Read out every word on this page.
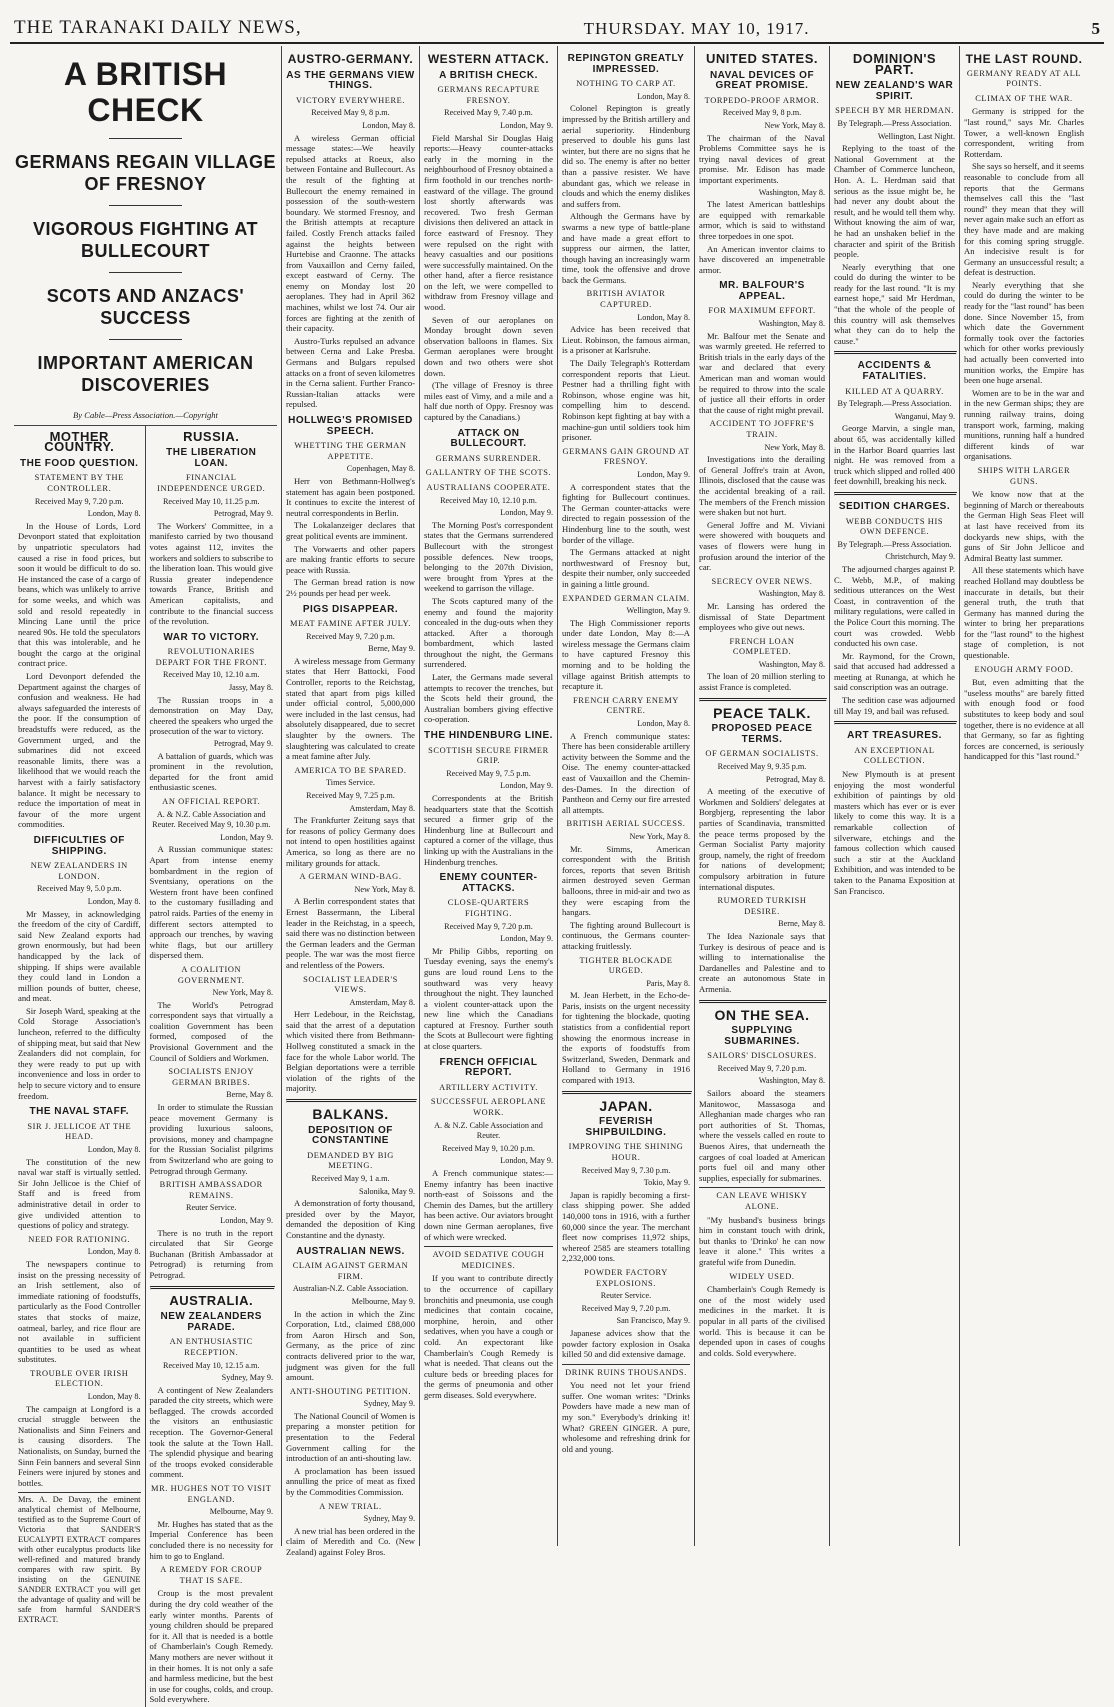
THE TARANAKI DAILY NEWS,	THURSDAY. MAY 10, 1917.	5
A BRITISH CHECK
GERMANS REGAIN VILLAGE OF FRESNOY
VIGOROUS FIGHTING AT BULLECOURT
SCOTS AND ANZACS' SUCCESS
IMPORTANT AMERICAN DISCOVERIES
By Cable—Press Association.—Copyright
MOTHER COUNTRY.
THE FOOD QUESTION.
STATEMENT BY THE CONTROLLER.
Received May 9, 7.20 p.m.
London, May 8.

In the House of Lords, Lord Devonport stated that exploitation by unpatriotic speculators had caused a rise in food prices, but soon it would be difficult to do so. He instanced the case of a cargo of beans, which was unlikely to arrive for some weeks, and which was sold and resold repeatedly in Mincing Lane until the price neared 90s. He told the speculators that this was intolerable, and he bought the cargo at the original contract price.

Lord Devonport defended the Department against the charges of confusion and weakness. He had always safeguarded the interests of the poor. If the consumption of breadstuffs were reduced, as the Government urged, and the submarines did not exceed reasonable limits, there was a likelihood that we would reach the harvest with a fairly satisfactory balance. It might be necessary to reduce the importation of meat in favour of the more urgent commodities.

DIFFICULTIES OF SHIPPING.
NEW ZEALANDERS IN LONDON.
Received May 9, 5.0 p.m.
London, May 8.

Mr Massey, in acknowledging the freedom of the city of Cardiff, said New Zealand exports had grown enormously, but had been handicapped by the lack of shipping. If ships were available they could land in London a million pounds of butter, cheese, and meat.

Sir Joseph Ward, speaking at the Cold Storage Association's luncheon, referred to the difficulty of shipping meat, but said that New Zealanders did not complain, for they were ready to put up with inconvenience and loss in order to help to secure victory and to ensure freedom.

THE NAVAL STAFF.
SIR J. JELLICOE AT THE HEAD.
London, May 8.

The constitution of the new naval war staff is virtually settled. Sir John Jellicoe is the Chief of Staff and is freed from administrative detail in order to give undivided attention to questions of policy and strategy.

NEED FOR RATIONING.
London, May 8.

The newspapers continue to insist on the pressing necessity of an Irish settlement, also of immediate rationing of foodstuffs, particularly as the Food Controller states that stocks of maize, oatmeal, barley, and rice flour are not available in sufficient quantities to be used as wheat substitutes.

TROUBLE OVER IRISH ELECTION.
London, May 8.

The campaign at Longford is a crucial struggle between the Nationalists and Sinn Feiners and is causing disorders. The Nationalists, on Sunday, burned the Sinn Fein banners and several Sinn Feiners were injured by stones and bottles.

Mrs. A. De Davay, the eminent analytical chemist of Melbourne, testified as to the Supreme Court of Victoria that SANDER'S EUCALYPTI EXTRACT compares with other eucalyptus products like well-refined and matured brandy compares with raw spirit. By insisting on the GENUINE SANDER EXTRACT you will get the advantage of quality and will be safe from harmful SANDER'S EXTRACT.
RUSSIA.
THE LIBERATION LOAN.
FINANCIAL INDEPENDENCE URGED.
Received May 10, 11.25 p.m.
Petrograd, May 9.

The Workers' Committee, in a manifesto carried by two thousand votes against 112, invites the workers and soldiers to subscribe to the liberation loan. This would give Russia greater independence towards France, British and American capitalists, and contribute to the financial success of the revolution.

WAR TO VICTORY.
REVOLUTIONARIES DEPART FOR THE FRONT.
Received May 10, 12.10 a.m.
Jassy, May 8.

The Russian troops in a demonstration on May Day, cheered the speakers who urged the prosecution of the war to victory.

Petrograd, May 9.

A battalion of guards, which was prominent in the revolution, departed for the front amid enthusiastic scenes.

AN OFFICIAL REPORT.
A. & N.Z. Cable Association and Reuter. Received May 9, 10.30 p.m.
London, May 9.

A Russian communique states: Apart from intense enemy bombardment in the region of Sventsiany, operations on the Western front have been confined to the customary fusillading and patrol raids. Parties of the enemy in different sectors attempted to approach our trenches, by waving white flags, but our artillery dispersed them.

A COALITION GOVERNMENT.
New York, May 8.

The World's Petrograd correspondent says that virtually a coalition Government has been formed, composed of the Provisional Government and the Council of Soldiers and Workmen.

SOCIALISTS ENJOY GERMAN BRIBES.
Berne, May 8.

In order to stimulate the Russian peace movement Germany is providing luxurious saloons, provisions, money and champagne for the Russian Socialist pilgrims from Switzerland who are going to Petrograd through Germany.

BRITISH AMBASSADOR REMAINS.
Reuter Service.
London, May 9.

There is no truth in the report circulated that Sir George Buchanan (British Ambassador at Petrograd) is returning from Petrograd.

AUSTRALIA.
NEW ZEALANDERS PARADE.
AN ENTHUSIASTIC RECEPTION.
Received May 10, 12.15 a.m.
Sydney, May 9.

A contingent of New Zealanders paraded the city streets, which were beflagged. The crowds accorded the visitors an enthusiastic reception. The Governor-General took the salute at the Town Hall. The splendid physique and bearing of the troops evoked considerable comment.

MR. HUGHES NOT TO VISIT ENGLAND.
Melbourne, May 9.

Mr. Hughes has stated that as the Imperial Conference has been concluded there is no necessity for him to go to England.

A REMEDY FOR CROUP THAT IS SAFE.

Croup is the most prevalent during the dry cold weather of the early winter months. Parents of young children should be prepared for it. All that is needed is a bottle of Chamberlain's Cough Remedy. Many mothers are never without it in their homes. It is not only a safe and harmless medicine, but the best in use for coughs, colds, and croup. Sold everywhere.

AUSTRO-GERMANY.
AS THE GERMANS VIEW THINGS.
VICTORY EVERYWHERE.
Received May 9, 8 p.m.
London, May 8.

A wireless German official message states:—We heavily repulsed attacks at Roeux, also between Fontaine and Bullecourt. As the result of the fighting at Bullecourt the enemy remained in possession of the south-western boundary. We stormed Fresnoy, and the British attempts at recapture failed. Costly French attacks failed against the heights between Hurtebise and Craonne. The attacks from Vauxaillon and Cerny failed, except eastward of Cerny. The enemy on Monday lost 20 aeroplanes. They had in April 362 machines, whilst we lost 74. Our air forces are fighting at the zenith of their capacity.

Austro-Turks repulsed an advance between Cerna and Lake Presba. Germans and Bulgars repulsed attacks on a front of seven kilometres in the Cerna salient. Further Franco-Russian-Italian attacks were repulsed.

HOLLWEG'S PROMISED SPEECH.
WHETTING THE GERMAN APPETITE.
Copenhagen, May 8.

Herr von Bethmann-Hollweg's statement has again been postponed. It continues to excite the interest of neutral correspondents in Berlin.

The Lokalanzeiger declares that great political events are imminent.

The Vorwaerts and other papers are making frantic efforts to secure peace with Russia.

The German bread ration is now 2½ pounds per head per week.

PIGS DISAPPEAR.
MEAT FAMINE AFTER JULY.
Received May 9, 7.20 p.m.
Berne, May 9.

A wireless message from Germany states that Herr Battocki, Food Controller, reports to the Reichstag, stated that apart from pigs killed under official control, 5,000,000 were included in the last census, had absolutely disappeared, due to secret slaughter by the owners. The slaughtering was calculated to create a meat famine after July.

AMERICA TO BE SPARED.
Times Service.
Received May 9, 7.25 p.m.
Amsterdam, May 8.

The Frankfurter Zeitung says that for reasons of policy Germany does not intend to open hostilities against America, so long as there are no military grounds for attack.

A GERMAN WIND-BAG.
New York, May 8.

A Berlin correspondent states that Ernest Bassermann, the Liberal leader in the Reichstag, in a speech, said there was no distinction between the German leaders and the German people. The war was the most fierce and relentless of the Powers.

SOCIALIST LEADER'S VIEWS.
Amsterdam, May 8.

Herr Ledebour, in the Reichstag, said that the arrest of a deputation which visited there from Bethmann-Hollweg constituted a smack in the face for the whole Labor world. The Belgian deportations were a terrible violation of the rights of the majority.

BALKANS.
DEPOSITION OF CONSTANTINE
DEMANDED BY BIG MEETING.
Received May 9, 1 a.m.
Salonika, May 9.

A demonstration of forty thousand, presided over by the Mayor, demanded the deposition of King Constantine and the dynasty.

AUSTRALIAN NEWS.
CLAIM AGAINST GERMAN FIRM.
Australian-N.Z. Cable Association.
Melbourne, May 9.

In the action in which the Zinc Corporation, Ltd., claimed £88,000 from Aaron Hirsch and Son, Germany, as the price of zinc contracts delivered prior to the war, judgment was given for the full amount.

ANTI-SHOUTING PETITION.
Sydney, May 9.

The National Council of Women is preparing a monster petition for presentation to the Federal Government calling for the introduction of an anti-shouting law.

A proclamation has been issued annulling the price of meat as fixed by the Commodities Commission.

A NEW TRIAL.
Sydney, May 9.

A new trial has been ordered in the claim of Meredith and Co. (New Zealand) against Foley Bros.

WESTERN ATTACK.
A BRITISH CHECK.
GERMANS RECAPTURE FRESNOY.
Received May 9, 7.40 p.m.
London, May 9.

Field Marshal Sir Douglas Haig reports:—Heavy counter-attacks early in the morning in the neighbourhood of Fresnoy obtained a firm foothold in our trenches north-eastward of the village. The ground lost shortly afterwards was recovered. Two fresh German divisions then delivered an attack in force eastward of Fresnoy. They were repulsed on the right with heavy casualties and our positions were successfully maintained. On the other hand, after a fierce resistance on the left, we were compelled to withdraw from Fresnoy village and wood.

Seven of our aeroplanes on Monday brought down seven observation balloons in flames. Six German aeroplanes were brought down and two others were shot down.

(The village of Fresnoy is three miles east of Vimy, and a mile and a half due north of Oppy. Fresnoy was captured by the Canadians.)

ATTACK ON BULLECOURT.
GERMANS SURRENDER.
GALLANTRY OF THE SCOTS.
AUSTRALIANS COOPERATE.
Received May 10, 12.10 p.m.
London, May 9.

The Morning Post's correspondent states that the Germans surrendered Bullecourt with the strongest possible defences. New troops, belonging to the 207th Division, were brought from Ypres at the weekend to garrison the village.

The Scots captured many of the enemy and found the majority concealed in the dug-outs when they attacked. After a thorough bombardment, which lasted throughout the night, the Germans surrendered.

Later, the Germans made several attempts to recover the trenches, but the Scots held their ground, the Australian bombers giving effective co-operation.

THE HINDENBURG LINE.
SCOTTISH SECURE FIRMER GRIP.
Received May 9, 7.5 p.m.
London, May 9.

Correspondents at the British headquarters state that the Scottish secured a firmer grip of the Hindenburg line at Bullecourt and captured a corner of the village, thus linking up with the Australians in the Hindenburg trenches.

ENEMY COUNTER-ATTACKS.
CLOSE-QUARTERS FIGHTING.
Received May 9, 7.20 p.m.
London, May 9.

Mr Philip Gibbs, reporting on Tuesday evening, says the enemy's guns are loud round Lens to the southward was very heavy throughout the night. They launched a violent counter-attack upon the new line which the Canadians captured at Fresnoy. Further south the Scots at Bullecourt were fighting at close quarters.

FRENCH OFFICIAL REPORT.
ARTILLERY ACTIVITY.
SUCCESSFUL AEROPLANE WORK.
A. & N.Z. Cable Association and Reuter.
Received May 9, 10.20 p.m.
London, May 9.

A French communique states:—Enemy infantry has been inactive north-east of Soissons and the Chemin des Dames, but the artillery has been active. Our aviators brought down nine German aeroplanes, five of which were wrecked.

AVOID SEDATIVE COUGH MEDICINES.

If you want to contribute directly to the occurrence of capillary bronchitis and pneumonia, use cough medicines that contain cocaine, morphine, heroin, and other sedatives, when you have a cough or cold. An expectorant like Chamberlain's Cough Remedy is what is needed. That cleans out the culture beds or breeding places for the germs of pneumonia and other germ diseases. Sold everywhere.

REPINGTON GREATLY IMPRESSED.
NOTHING TO CARP AT.
London, May 8.

Colonel Repington is greatly impressed by the British artillery and aerial superiority. Hindenburg preserved to double his guns last winter, but there are no signs that he did so. The enemy is after no better than a passive resister. We have abundant gas, which we release in clouds and which the enemy dislikes and suffers from.

Although the Germans have by swarms a new type of battle-plane and have made a great effort to suppress our airmen, the latter, though having an increasingly warm time, took the offensive and drove back the Germans.

BRITISH AVIATOR CAPTURED.
London, May 8.

Advice has been received that Lieut. Robinson, the famous airman, is a prisoner at Karlsruhe.

The Daily Telegraph's Rotterdam correspondent reports that Lieut. Pestner had a thrilling fight with Robinson, whose engine was hit, compelling him to descend. Robinson kept fighting at bay with a machine-gun until soldiers took him prisoner.

GERMANS GAIN GROUND AT FRESNOY.
London, May 9.

A correspondent states that the fighting for Bullecourt continues. The German counter-attacks were directed to regain possession of the Hindenburg line to the south, west border of the village.

The Germans attacked at night northwestward of Fresnoy but, despite their number, only succeeded in gaining a little ground.

EXPANDED GERMAN CLAIM.
Wellington, May 9.

The High Commissioner reports under date London, May 8:—A wireless message the Germans claim to have captured Fresnoy this morning and to be holding the village against British attempts to recapture it.

FRENCH CARRY ENEMY CENTRE.
London, May 8.

A French communique states: There has been considerable artillery activity between the Somme and the Oise. The enemy counter-attacked east of Vauxaillon and the Chemin-des-Dames. In the direction of Pantheon and Cerny our fire arrested all attempts.

BRITISH AERIAL SUCCESS.
New York, May 8.

Mr. Simms, American correspondent with the British forces, reports that seven British airmen destroyed seven German balloons, three in mid-air and two as they were escaping from the hangars.

The fighting around Bullecourt is continuous, the Germans counter-attacking fruitlessly.

TIGHTER BLOCKADE URGED.
Paris, May 8.

M. Jean Herbett, in the Echo-de-Paris, insists on the urgent necessity for tightening the blockade, quoting statistics from a confidential report showing the enormous increase in the exports of foodstuffs from Switzerland, Sweden, Denmark and Holland to Germany in 1916 compared with 1913.

JAPAN.
FEVERISH SHIPBUILDING.
IMPROVING THE SHINING HOUR.
Received May 9, 7.30 p.m.
Tokio, May 9.

Japan is rapidly becoming a first-class shipping power. She added 140,000 tons in 1916, with a further 60,000 since the year. The merchant fleet now comprises 11,972 ships, whereof 2585 are steamers totalling 2,232,000 tons.

POWDER FACTORY EXPLOSIONS.
Reuter Service.
Received May 9, 7.20 p.m.
San Francisco, May 9.

Japanese advices show that the powder factory explosion in Osaka killed 50 and did extensive damage.

DRINK RUINS THOUSANDS.

You need not let your friend suffer. One woman writes: "Drinks Powders have made a new man of my son." Everybody's drinking it! What? GREEN GINGER. A pure, wholesome and refreshing drink for old and young.

UNITED STATES.
NAVAL DEVICES OF GREAT PROMISE.
TORPEDO-PROOF ARMOR.
Received May 9, 8 p.m.
New York, May 8.

The chairman of the Naval Problems Committee says he is trying naval devices of great promise. Mr. Edison has made important experiments.

Washington, May 8.

The latest American battleships are equipped with remarkable armor, which is said to withstand three torpedoes in one spot.

An American inventor claims to have discovered an impenetrable armor.

MR. BALFOUR'S APPEAL.
FOR MAXIMUM EFFORT.
Washington, May 8.

Mr. Balfour met the Senate and was warmly greeted. He referred to British trials in the early days of the war and declared that every American man and woman would be required to throw into the scale of justice all their efforts in order that the cause of right might prevail.

ACCIDENT TO JOFFRE'S TRAIN.
New York, May 8.

Investigations into the derailing of General Joffre's train at Avon, Illinois, disclosed that the cause was the accidental breaking of a rail. The members of the French mission were shaken but not hurt.

General Joffre and M. Viviani were showered with bouquets and vases of flowers were hung in profusion around the interior of the car.

SECRECY OVER NEWS.
Washington, May 8.

Mr. Lansing has ordered the dismissal of State Department employees who give out news.

FRENCH LOAN COMPLETED.
Washington, May 8.

The loan of 20 million sterling to assist France is completed.

PEACE TALK.
PROPOSED PEACE TERMS.
OF GERMAN SOCIALISTS.
Received May 9, 9.35 p.m.
Petrograd, May 8.

A meeting of the executive of Workmen and Soldiers' delegates at Borgbjerg, representing the labor parties of Scandinavia, transmitted the peace terms proposed by the German Socialist Party majority group, namely, the right of freedom for nations of development; compulsory arbitration in future international disputes.

RUMORED TURKISH DESIRE.
Berne, May 8.

The Idea Nazionale says that Turkey is desirous of peace and is willing to internationalise the Dardanelles and Palestine and to create an autonomous State in Armenia.

ON THE SEA.
SUPPLYING SUBMARINES.
SAILORS' DISCLOSURES.
Received May 9, 7.20 p.m.
Washington, May 8.

Sailors aboard the steamers Manitowoc, Massasoga and Alleghanian made charges who ran port authorities of St. Thomas, where the vessels called en route to Buenos Aires, that underneath the cargoes of coal loaded at American ports fuel oil and many other supplies, especially for submarines.

CAN LEAVE WHISKY ALONE.

"My husband's business brings him in constant touch with drink, but thanks to 'Drinko' he can now leave it alone." This writes a grateful wife from Dunedin.

WIDELY USED.

Chamberlain's Cough Remedy is one of the most widely used medicines in the market. It is popular in all parts of the civilised world. This is because it can be depended upon in cases of coughs and colds. Sold everywhere.

DOMINION'S PART.
NEW ZEALAND'S WAR SPIRIT.
SPEECH BY MR HERDMAN.
By Telegraph.—Press Association.
Wellington, Last Night.

Replying to the toast of the National Government at the Chamber of Commerce luncheon, Hon. A. L. Herdman said that serious as the issue might be, he had never any doubt about the result, and he would tell them why. Without knowing the aim of war, he had an unshaken belief in the character and spirit of the British people.

Nearly everything that one could do during the winter to be ready for the last round. "It is my earnest hope," said Mr Herdman, "that the whole of the people of this country will ask themselves what they can do to help the cause."

ACCIDENTS & FATALITIES.
KILLED AT A QUARRY.
By Telegraph.—Press Association.
Wanganui, May 9.

George Marvin, a single man, about 65, was accidentally killed in the Harbor Board quarries last night. He was removed from a truck which slipped and rolled 400 feet downhill, breaking his neck.

SEDITION CHARGES.
WEBB CONDUCTS HIS OWN DEFENCE.
By Telegraph.—Press Association.
Christchurch, May 9.

The adjourned charges against P. C. Webb, M.P., of making seditious utterances on the West Coast, in contravention of the military regulations, were called in the Police Court this morning. The court was crowded. Webb conducted his own case.

Mr. Raymond, for the Crown, said that accused had addressed a meeting at Runanga, at which he said conscription was an outrage.

The sedition case was adjourned till May 19, and bail was refused.

ART TREASURES.
AN EXCEPTIONAL COLLECTION.

New Plymouth is at present enjoying the most wonderful exhibition of paintings by old masters which has ever or is ever likely to come this way. It is a remarkable collection of silverware, etchings and the famous collection which caused such a stir at the Auckland Exhibition, and was intended to be taken to the Panama Exposition at San Francisco.

THE LAST ROUND.
GERMANY READY AT ALL POINTS.
CLIMAX OF THE WAR.

Germany is stripped for the "last round," says Mr. Charles Tower, a well-known English correspondent, writing from Rotterdam.

She says so herself, and it seems reasonable to conclude from all reports that the Germans themselves call this the "last round" they mean that they will never again make such an effort as they have made and are making for this coming spring struggle. An indecisive result is for Germany an unsuccessful result; a defeat is destruction.

Nearly everything that she could do during the winter to be ready for the "last round" has been done. Since November 15, from which date the Government formally took over the factories which for other works previously had actually been converted into munition works, the Empire has been one huge arsenal.

Women are to be in the war and in the new German ships; they are running railway trains, doing transport work, farming, making munitions, running half a hundred different kinds of war organisations.

SHIPS WITH LARGER GUNS.

We know now that at the beginning of March or thereabouts the German High Seas Fleet will at last have received from its dockyards new ships, with the guns of Sir John Jellicoe and Admiral Beatty last summer.

All these statements which have reached Holland may doubtless be inaccurate in details, but their general truth, the truth that Germany has manned during the winter to bring her preparations for the "last round" to the highest stage of completion, is not questionable.

ENOUGH ARMY FOOD.

But, even admitting that the "useless mouths" are barely fitted with enough food or food substitutes to keep body and soul together, there is no evidence at all that Germany, so far as fighting forces are concerned, is seriously handicapped for this "last round."
